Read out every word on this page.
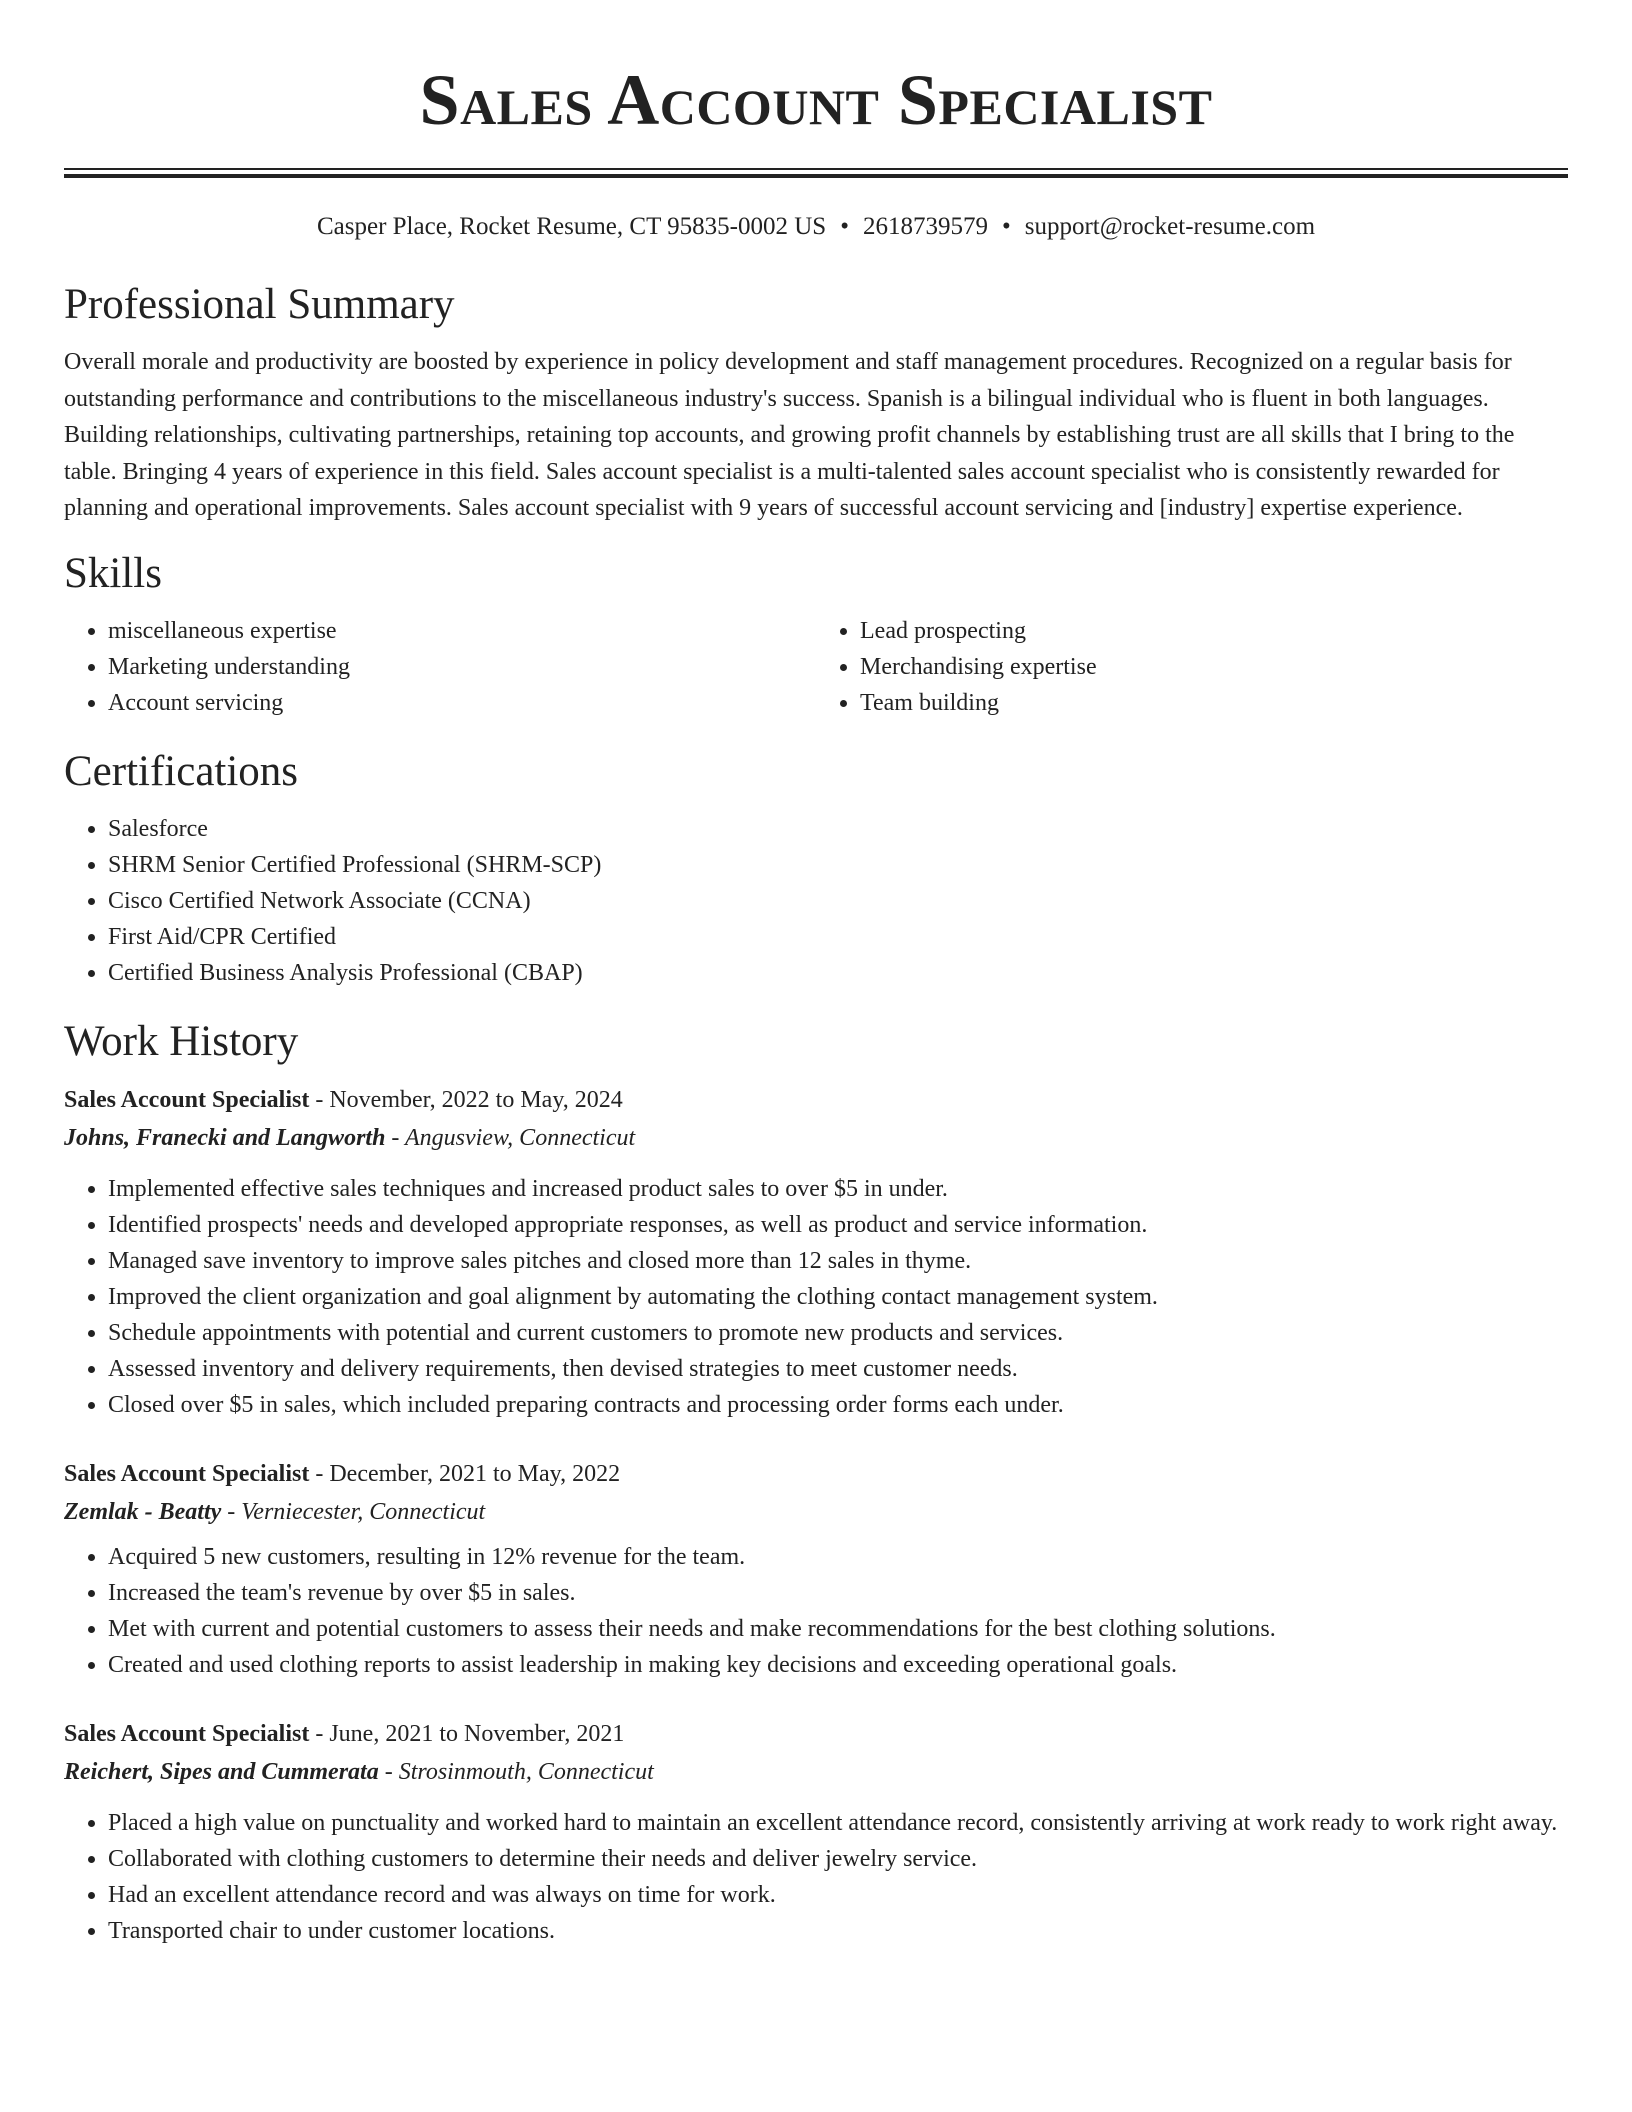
Sales Account Specialist
Casper Place, Rocket Resume, CT 95835-0002 US • 2618739579 • support@rocket-resume.com
Professional Summary

Overall morale and productivity are boosted by experience in policy development and staff management procedures. Recognized on a regular basis for outstanding performance and contributions to the miscellaneous industry's success. Spanish is a bilingual individual who is fluent in both languages. Building relationships, cultivating partnerships, retaining top accounts, and growing profit channels by establishing trust are all skills that I bring to the table. Bringing 4 years of experience in this field. Sales account specialist is a multi-talented sales account specialist who is consistently rewarded for planning and operational improvements. Sales account specialist with 9 years of successful account servicing and [industry] expertise experience.

Skills
• miscellaneous expertise
• Marketing understanding
• Account servicing
• Lead prospecting
• Merchandising expertise
• Team building
Certifications
• Salesforce
• SHRM Senior Certified Professional (SHRM-SCP)
• Cisco Certified Network Associate (CCNA)
• First Aid/CPR Certified
• Certified Business Analysis Professional (CBAP)
Work History
Sales Account Specialist - November, 2022 to May, 2024
Johns, Franecki and Langworth - Angusview, Connecticut
• Implemented effective sales techniques and increased product sales to over $5 in under.
• Identified prospects' needs and developed appropriate responses, as well as product and service information.
• Managed save inventory to improve sales pitches and closed more than 12 sales in thyme.
• Improved the client organization and goal alignment by automating the clothing contact management system.
• Schedule appointments with potential and current customers to promote new products and services.
• Assessed inventory and delivery requirements, then devised strategies to meet customer needs.
• Closed over $5 in sales, which included preparing contracts and processing order forms each under.
Sales Account Specialist - December, 2021 to May, 2022
Zemlak - Beatty - Verniecester, Connecticut
• Acquired 5 new customers, resulting in 12% revenue for the team.
• Increased the team's revenue by over $5 in sales.
• Met with current and potential customers to assess their needs and make recommendations for the best clothing solutions.
• Created and used clothing reports to assist leadership in making key decisions and exceeding operational goals.
Sales Account Specialist - June, 2021 to November, 2021
Reichert, Sipes and Cummerata - Strosinmouth, Connecticut
• Placed a high value on punctuality and worked hard to maintain an excellent attendance record, consistently arriving at work ready to work right away.
• Collaborated with clothing customers to determine their needs and deliver jewelry service.
• Had an excellent attendance record and was always on time for work.
• Transported chair to under customer locations.
